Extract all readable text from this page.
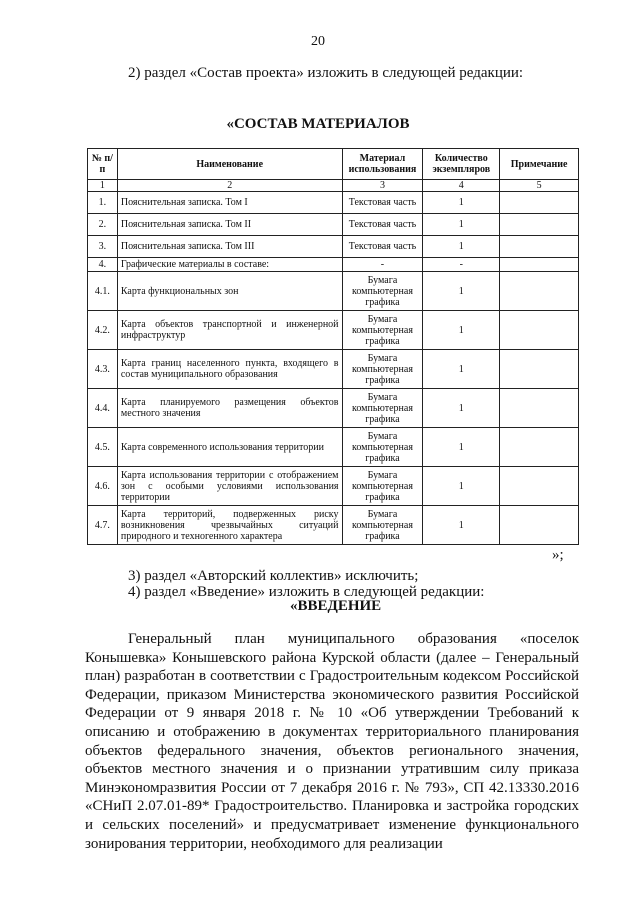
20
2) раздел «Состав проекта» изложить в следующей редакции:
«СОСТАВ МАТЕРИАЛОВ
№ п/п	Наименование	Материал использования	Количество экземпляров	Примечание
1	2	3	4	5
1.	Пояснительная записка. Том I	Текстовая часть	1	
2.	Пояснительная записка. Том II	Текстовая часть	1	
3.	Пояснительная записка. Том III	Текстовая часть	1	
4.	Графические материалы в составе:	-	-	
4.1.	Карта функциональных зон	Бумага компьютерная графика	1	
4.2.	Карта объектов транспортной и инженерной инфраструктур	Бумага компьютерная графика	1	
4.3.	Карта границ населенного пункта, входящего в состав муниципального образования	Бумага компьютерная графика	1	
4.4.	Карта планируемого размещения объектов местного значения	Бумага компьютерная графика	1	
4.5.	Карта современного использования территории	Бумага компьютерная графика	1	
4.6.	Карта использования территории с отображением зон с особыми условиями использования территории	Бумага компьютерная графика	1	
4.7.	Карта территорий, подверженных риску возникновения чрезвычайных ситуаций природного и техногенного характера	Бумага компьютерная графика	1	
»;
3) раздел «Авторский коллектив» исключить;
4) раздел «Введение» изложить в следующей редакции:
«ВВЕДЕНИЕ
Генеральный план муниципального образования «поселок Конышевка» Конышевского района Курской области (далее – Генеральный план) разработан в соответствии с Градостроительным кодексом Российской Федерации, приказом Министерства экономического развития Российской Федерации от 9 января 2018 г. № 10 «Об утверждении Требований к описанию и отображению в документах территориального планирования объектов федерального значения, объектов регионального значения, объектов местного значения и о признании утратившим силу приказа Минэкономразвития России от 7 декабря 2016 г. № 793», СП 42.13330.2016 «СНиП 2.07.01-89* Градостроительство. Планировка и застройка городских и сельских поселений» и предусматривает изменение функционального зонирования территории, необходимого для реализации
